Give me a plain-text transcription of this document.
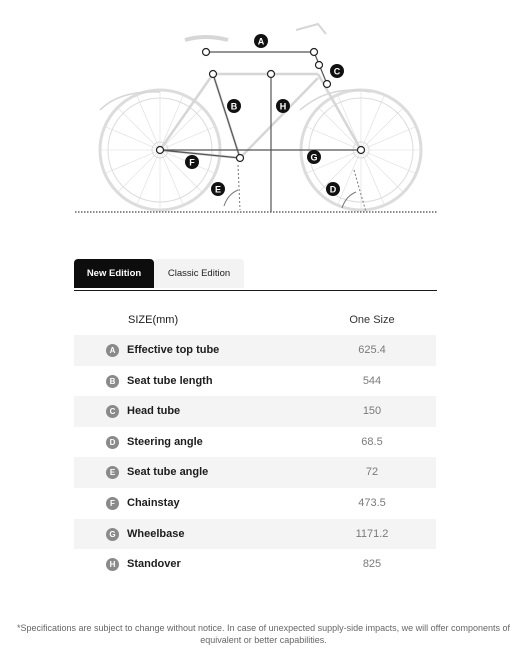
A
B
C
D
E
F	G
H
New Edition	Classic Edition
SIZE(mm)	One Size
A	Effective top tube	625.4
B	Seat tube length	544
C	Head tube	150
D	Steering angle	68.5
E	Seat tube angle	72
F	Chainstay	473.5
G	Wheelbase	1171.2
H	Standover	825
*Specifications are subject to change without notice. In case of unexpected supply-side impacts, we will offer components of equivalent or better capabilities.
